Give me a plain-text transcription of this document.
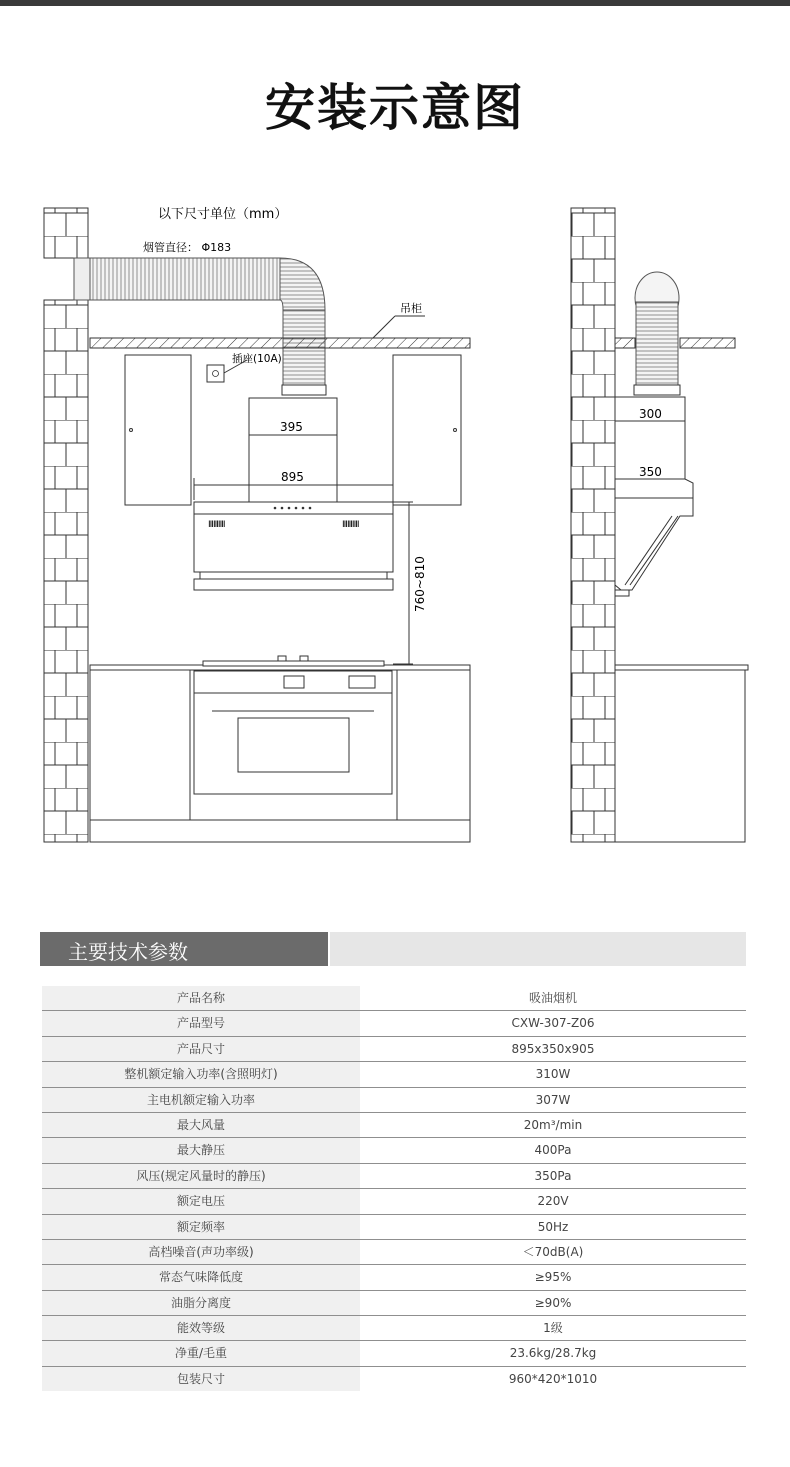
安装示意图
吊柜
插座(10A)
395
895
IIIIIIIIII	IIIIIIIIII
760~810
以下尺寸单位（mm）
烟管直径： Φ183
300
350
主要技术参数
产品名称	吸油烟机
产品型号	CXW-307-Z06
产品尺寸	895x350x905
整机额定输入功率(含照明灯)	310W
主电机额定输入功率	307W
最大风量	20m³/min
最大静压	400Pa
风压(规定风量时的静压)	350Pa
额定电压	220V
额定频率	50Hz
高档噪音(声功率级)	＜70dB(A)
常态气味降低度	≥95%
油脂分离度	≥90%
能效等级	1级
净重/毛重	23.6kg/28.7kg
包装尺寸	960*420*1010
